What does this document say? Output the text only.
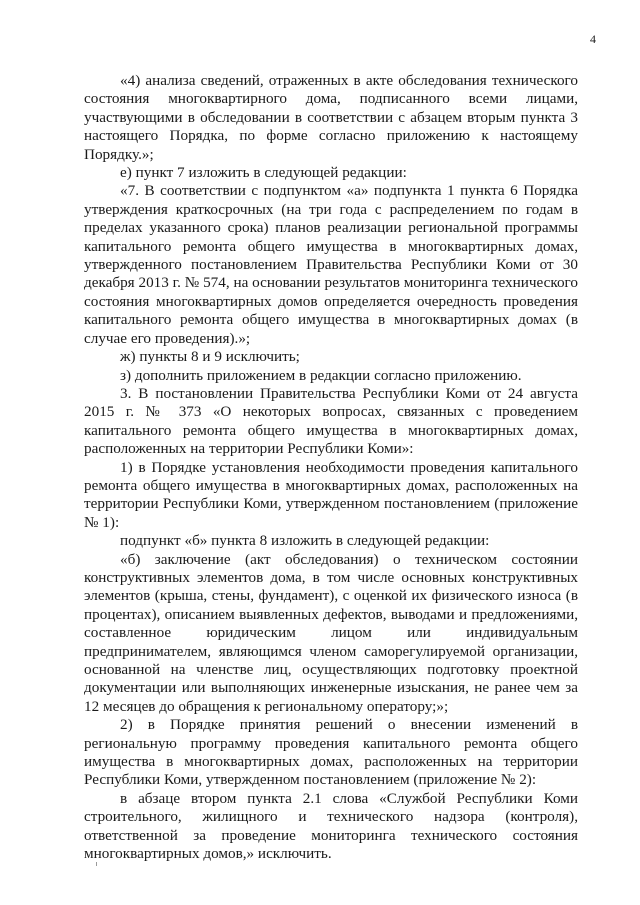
4

«4) анализа сведений, отраженных в акте обследования технического состояния многоквартирного дома, подписанного всеми лицами, участвующими в обследовании в соответствии с абзацем вторым пункта 3 настоящего Порядка, по форме согласно приложению к настоящему Порядку.»;

е) пункт 7 изложить в следующей редакции:

«7. В соответствии с подпунктом «а» подпункта 1 пункта 6 Порядка утверждения краткосрочных (на три года с распределением по годам в пределах указанного срока) планов реализации региональной программы капитального ремонта общего имущества в многоквартирных домах, утвержденного постановлением Правительства Республики Коми от 30 декабря 2013 г. № 574, на основании результатов мониторинга технического состояния многоквартирных домов определяется очередность проведения капитального ремонта общего имущества в многоквартирных домах (в случае его проведения).»;

ж) пункты 8 и 9 исключить;

з) дополнить приложением в редакции согласно приложению.

3. В постановлении Правительства Республики Коми от 24 августа 2015 г. № 373 «О некоторых вопросах, связанных с проведением капитального ремонта общего имущества в многоквартирных домах, расположенных на территории Республики Коми»:

1) в Порядке установления необходимости проведения капитального ремонта общего имущества в многоквартирных домах, расположенных на территории Республики Коми, утвержденном постановлением (приложение № 1):

подпункт «б» пункта 8 изложить в следующей редакции:

«б) заключение (акт обследования) о техническом состоянии конструктивных элементов дома, в том числе основных конструктивных элементов (крыша, стены, фундамент), с оценкой их физического износа (в процентах), описанием выявленных дефектов, выводами и предложениями, составленное юридическим лицом или индивидуальным предпринимателем, являющимся членом саморегулируемой организации, основанной на членстве лиц, осуществляющих подготовку проектной документации или выполняющих инженерные изыскания, не ранее чем за 12 месяцев до обращения к региональному оператору;»;

2) в Порядке принятия решений о внесении изменений в региональную программу проведения капитального ремонта общего имущества в многоквартирных домах, расположенных на территории Республики Коми, утвержденном постановлением (приложение № 2):

в абзаце втором пункта 2.1 слова «Службой Республики Коми строительного, жилищного и технического надзора (контроля), ответственной за проведение мониторинга технического состояния многоквартирных домов,» исключить.
